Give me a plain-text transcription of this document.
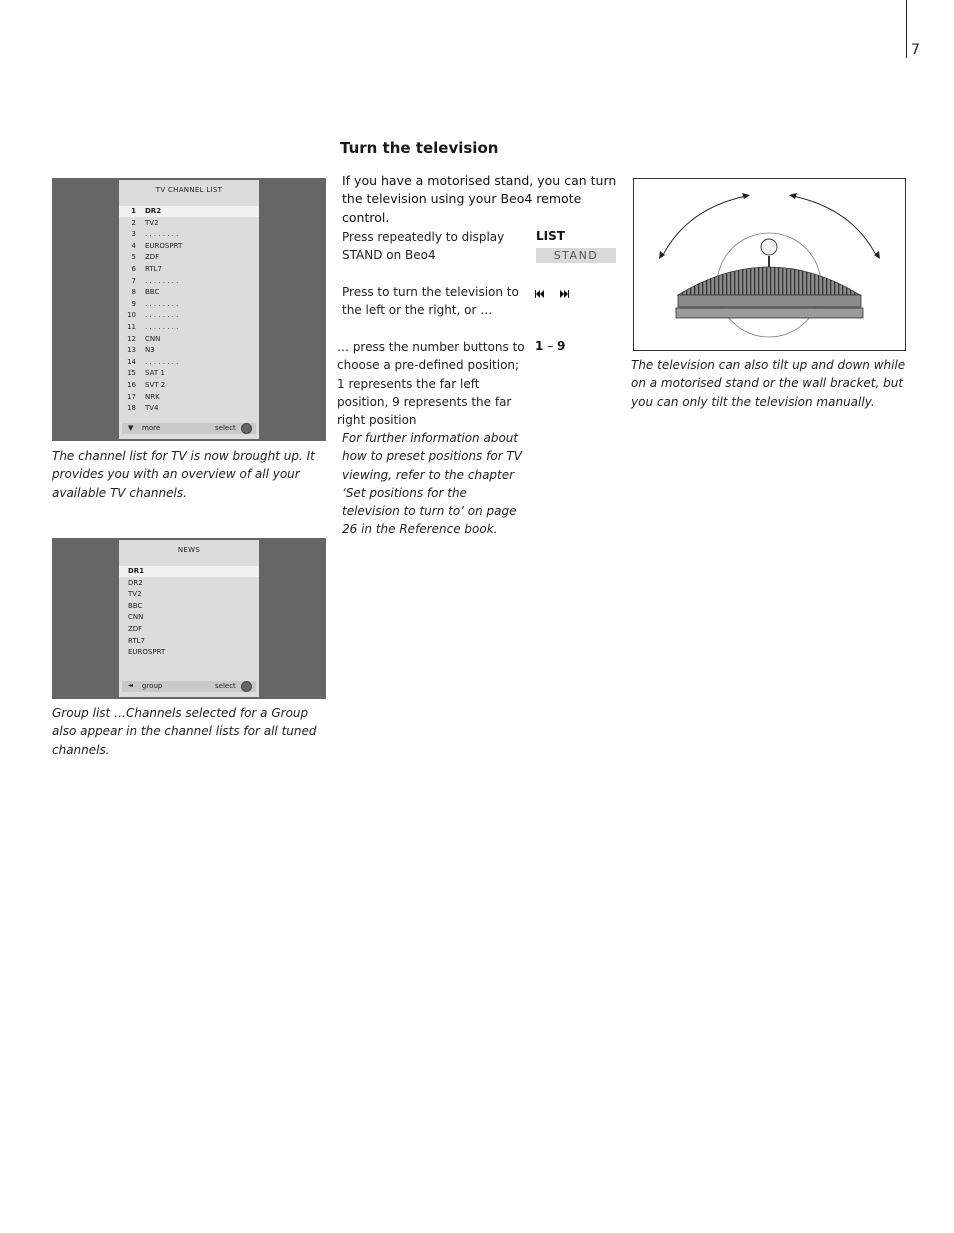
7
Turn the television
TV CHANNEL LIST
1 DR2
2 TV2
3 . . . . . . . .
4 EUROSPRT
5 ZDF
6 RTL7
7 . . . . . . . .
8 BBC
9 . . . . . . . .
10 . . . . . . . .
11 . . . . . . . .
12 CNN
13 N3
14 . . . . . . . .
15 SAT 1
16 SVT 2
17 NRK
18 TV4
▼ more	select
The channel list for TV is now brought up. It provides you with an overview of all your available TV channels.
NEWS
DR1
DR2
TV2
BBC
CNN
ZDF
RTL7
EUROSPRT
◂◂ group	select
Group list …Channels selected for a Group also appear in the channel lists for all tuned channels.
If you have a motorised stand, you can turn the television using your Beo4 remote control.
Press repeatedly to display STAND on Beo4
LIST
STAND
Press to turn the television to the left or the right, or …
… press the number buttons to choose a pre-defined position; 1 represents the far left position, 9 represents the far right position
1 – 9
For further information about how to preset positions for TV viewing, refer to the chapter ‘Set positions for the television to turn to’ on page 26 in the Reference book.
The television can also tilt up and down while on a motorised stand or the wall bracket, but you can only tilt the television manually.
